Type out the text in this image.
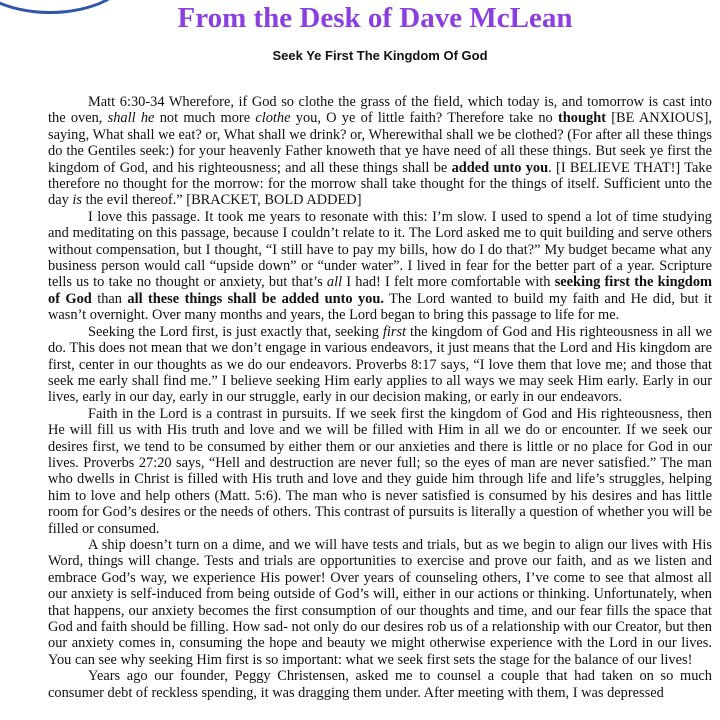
From the Desk of Dave McLean
Seek Ye First The Kingdom Of God

Matt 6:30-34 Wherefore, if God so clothe the grass of the field, which today is, and tomorrow is cast into the oven, shall he not much more clothe you, O ye of little faith? Therefore take no thought [BE ANXIOUS], saying, What shall we eat? or, What shall we drink? or, Wherewithal shall we be clothed? (For after all these things do the Gentiles seek:) for your heavenly Father knoweth that ye have need of all these things. But seek ye first the kingdom of God, and his righteousness; and all these things shall be added unto you. [I BELIEVE THAT!] Take therefore no thought for the morrow: for the morrow shall take thought for the things of itself. Sufficient unto the day is the evil thereof.” [BRACKET, BOLD ADDED]

I love this passage. It took me years to resonate with this: I’m slow. I used to spend a lot of time studying and meditating on this passage, because I couldn’t relate to it. The Lord asked me to quit building and serve others without compensation, but I thought, “I still have to pay my bills, how do I do that?” My budget became what any business person would call “upside down” or “under water”. I lived in fear for the better part of a year. Scripture tells us to take no thought or anxiety, but that’s all I had! I felt more comfortable with seeking first the kingdom of God than all these things shall be added unto you. The Lord wanted to build my faith and He did, but it wasn’t overnight. Over many months and years, the Lord began to bring this passage to life for me.

Seeking the Lord first, is just exactly that, seeking first the kingdom of God and His righteousness in all we do. This does not mean that we don’t engage in various endeavors, it just means that the Lord and His kingdom are first, center in our thoughts as we do our endeavors. Proverbs 8:17 says, “I love them that love me; and those that seek me early shall find me.” I believe seeking Him early applies to all ways we may seek Him early. Early in our lives, early in our day, early in our struggle, early in our decision making, or early in our endeavors.

Faith in the Lord is a contrast in pursuits. If we seek first the kingdom of God and His righteousness, then He will fill us with His truth and love and we will be filled with Him in all we do or encounter. If we seek our desires first, we tend to be consumed by either them or our anxieties and there is little or no place for God in our lives. Proverbs 27:20 says, “Hell and destruction are never full; so the eyes of man are never satisfied.” The man who dwells in Christ is filled with His truth and love and they guide him through life and life’s struggles, helping him to love and help others (Matt. 5:6). The man who is never satisfied is consumed by his desires and has little room for God’s desires or the needs of others. This contrast of pursuits is literally a question of whether you will be filled or consumed.

A ship doesn’t turn on a dime, and we will have tests and trials, but as we begin to align our lives with His Word, things will change. Tests and trials are opportunities to exercise and prove our faith, and as we listen and embrace God’s way, we experience His power! Over years of counseling others, I’ve come to see that almost all our anxiety is self-induced from being outside of God’s will, either in our actions or thinking. Unfortunately, when that happens, our anxiety becomes the first consumption of our thoughts and time, and our fear fills the space that God and faith should be filling. How sad- not only do our desires rob us of a relationship with our Creator, but then our anxiety comes in, consuming the hope and beauty we might otherwise experience with the Lord in our lives. You can see why seeking Him first is so important: what we seek first sets the stage for the balance of our lives!

Years ago our founder, Peggy Christensen, asked me to counsel a couple that had taken on so much consumer debt of reckless spending, it was dragging them under. After meeting with them, I was depressed
